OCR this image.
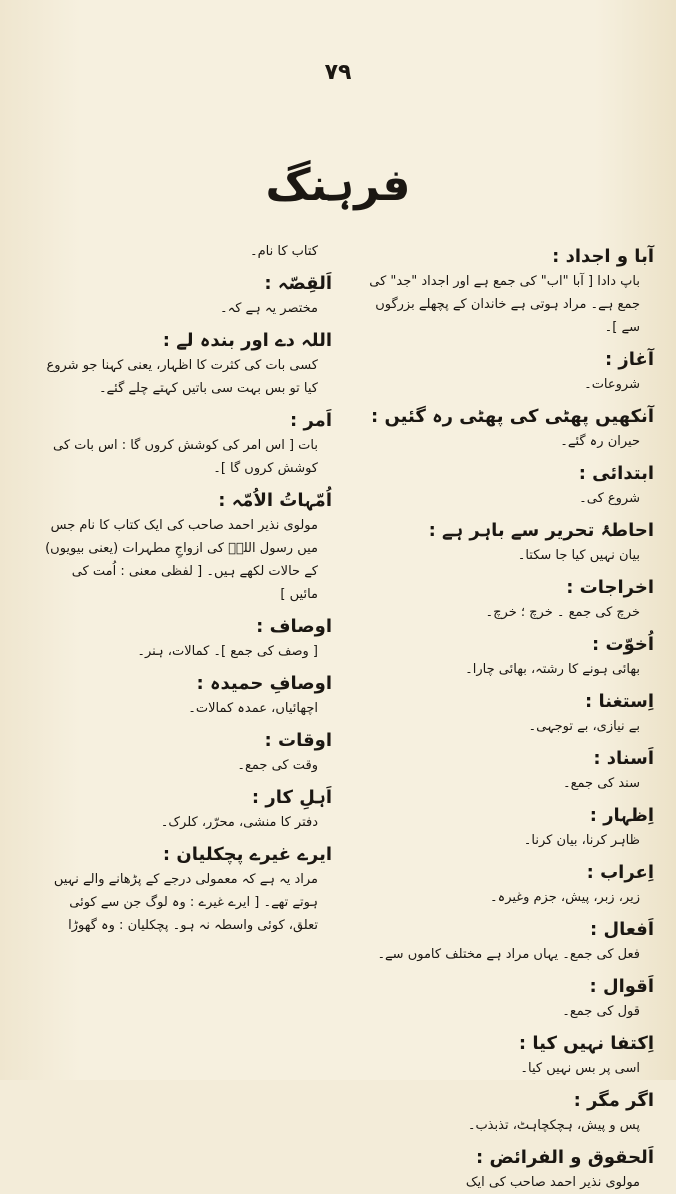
٧٩
فرہنگ
آبا و اجداد :
باپ دادا [ آبا "اب" کی جمع ہے اور اجداد "جد" کی جمع ہے۔ مراد ہوتی ہے خاندان کے پچھلے بزرگوں سے ]۔
آغاز :
شروعات۔
آنکھیں پھٹی کی پھٹی رہ گئیں :
حیران رہ گئے۔
ابتدائی :
شروع کی۔
احاطۂ تحریر سے باہر ہے :
بیان نہیں کیا جا سکتا۔
اخراجات :
خرچ کی جمع ۔ خرچ ؛ خرچ۔
اُخوّت :
بھائی ہونے کا رشتہ، بھائی چارا۔
اِستغنا :
بے نیازی، بے توجہی۔
اَسناد :
سند کی جمع۔
اِظہار :
ظاہر کرنا، بیان کرنا۔
اِعراب :
زیر، زبر، پیش، جزم وغیرہ۔
اَفعال :
فعل کی جمع۔ یہاں مراد ہے مختلف کاموں سے۔
اَقوال :
قول کی جمع۔
اِکتفا نہیں کیا :
اسی پر بس نہیں کیا۔
اگر مگر :
پس و پیش، ہچکچاہٹ، تذبذب۔
اَلحقوق و الفرائض :
مولوی نذیر احمد صاحب کی ایک
کتاب کا نام۔
اَلقِصّہ :
مختصر یہ ہے کہ۔
اللہ دے اور بندہ لے :
کسی بات کی کثرت کا اظہار، یعنی کہنا جو شروع کیا تو بس بہت سی باتیں کہتے چلے گئے۔
اَمر :
بات [ اس امر کی کوشش کروں گا : اس بات کی کوشش کروں گا ]۔
اُمّہاتُ الاُمّہ :
مولوی نذیر احمد صاحب کی ایک کتاب کا نام جس میں رسول اللہؐ کی ازواجِ مطہرات (یعنی بیویوں) کے حالات لکھے ہیں۔ [ لفظی معنی : اُمت کی مائیں ]
اوصاف :
[ وصف کی جمع ]۔ کمالات، ہنر۔
اوصافِ حمیدہ :
اچھائیاں، عمدہ کمالات۔
اوقات :
وقت کی جمع۔
اَہلِ کار :
دفتر کا منشی، محرّر، کلرک۔
ایرے غیرے پچکلیان :
مراد یہ ہے کہ معمولی درجے کے پڑھانے والے نہیں ہوتے تھے۔ [ ایرے غیرے : وہ لوگ جن سے کوئی تعلق، کوئی واسطہ نہ ہو۔ پچکلیان : وہ گھوڑا
